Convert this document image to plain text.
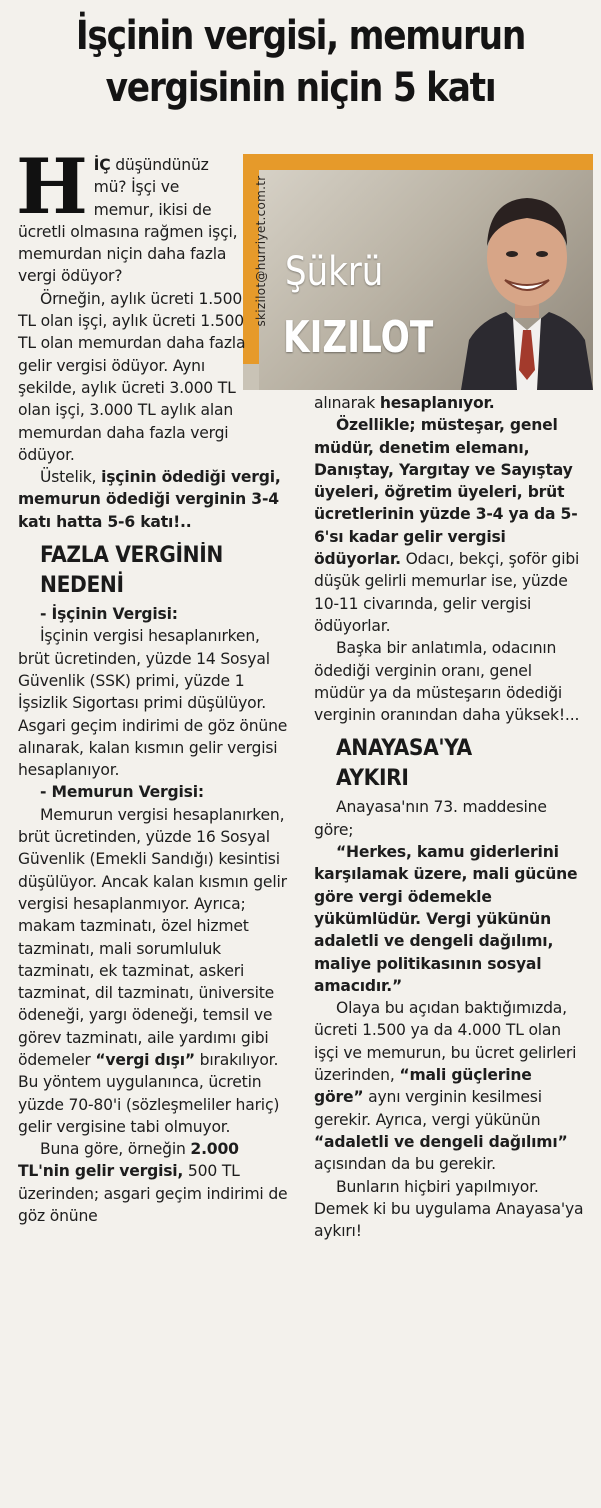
İşçinin vergisi, memurun
vergisinin niçin 5 katı
skizilot@hurriyet.com.tr Şükrü
KIZILOT
HİÇ düşündünüz mü? İşçi ve memur, ikisi de ücretli olmasına rağmen işçi, memurdan niçin daha fazla vergi ödüyor?

Örneğin, aylık ücreti 1.500 TL olan işçi, aylık ücreti 1.500 TL olan memurdan daha fazla gelir vergisi ödüyor. Aynı şekilde, aylık ücreti 3.000 TL olan işçi, 3.000 TL aylık alan memurdan daha fazla vergi ödüyor.

Üstelik, işçinin ödediği vergi, memurun ödediği verginin 3-4 katı hatta 5-6 katı!..

FAZLA VERGİNİN NEDENİ

- İşçinin Vergisi:

İşçinin vergisi hesaplanırken, brüt ücretinden, yüzde 14 Sosyal Güvenlik (SSK) primi, yüzde 1 İşsizlik Sigortası primi düşülüyor. Asgari geçim indirimi de göz önüne alınarak, kalan kısmın gelir vergisi hesaplanıyor.

- Memurun Vergisi:

Memurun vergisi hesaplanırken, brüt ücretinden, yüzde 16 Sosyal Güvenlik (Emekli Sandığı) kesintisi düşülüyor. Ancak kalan kısmın gelir vergisi hesaplanmıyor. Ayrıca; makam tazminatı, özel hizmet tazminatı, mali sorumluluk tazminatı, ek tazminat, askeri tazminat, dil tazminatı, üniversite ödeneği, yargı ödeneği, temsil ve görev tazminatı, aile yardımı gibi ödemeler “vergi dışı” bırakılıyor. Bu yöntem uygulanınca, ücretin yüzde 70-80'i (sözleşmeliler hariç) gelir vergisine tabi olmuyor.

Buna göre, örneğin 2.000 TL'nin gelir vergisi, 500 TL üzerinden; asgari geçim indirimi de göz önüne

alınarak hesaplanıyor.

Özellikle; müsteşar, genel müdür, denetim elemanı, Danıştay, Yargıtay ve Sayıştay üyeleri, öğretim üyeleri, brüt ücretlerinin yüzde 3-4 ya da 5-6'sı kadar gelir vergisi ödüyorlar. Odacı, bekçi, şoför gibi düşük gelirli memurlar ise, yüzde 10-11 civarında, gelir vergisi ödüyorlar.

Başka bir anlatımla, odacının ödediği verginin oranı, genel müdür ya da müsteşarın ödediği verginin oranından daha yüksek!...

ANAYASA'YA AYKIRI

Anayasa'nın 73. maddesine göre;

“Herkes, kamu giderlerini karşılamak üzere, mali gücüne göre vergi ödemekle yükümlüdür. Vergi yükünün adaletli ve dengeli dağılımı, maliye politikasının sosyal amacıdır.”

Olaya bu açıdan baktığımızda, ücreti 1.500 ya da 4.000 TL olan işçi ve memurun, bu ücret gelirleri üzerinden, “mali güçlerine göre” aynı verginin kesilmesi gerekir. Ayrıca, vergi yükünün “adaletli ve dengeli dağılımı” açısından da bu gerekir.

Bunların hiçbiri yapılmıyor. Demek ki bu uygulama Anayasa'ya aykırı!
